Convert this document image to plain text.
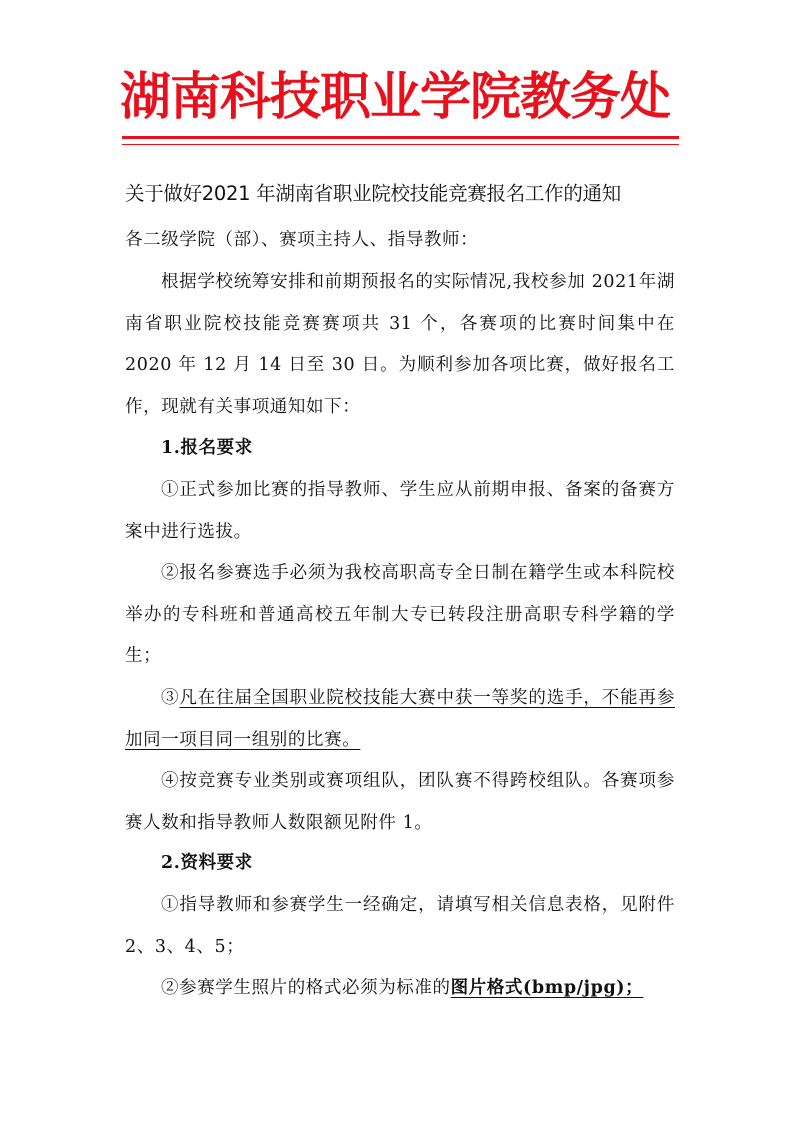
湖南科技职业学院教务处
关于做好2021 年湖南省职业院校技能竞赛报名工作的通知
各二级学院（部）、赛项主持人、指导教师：
根据学校统筹安排和前期预报名的实际情况,我校参加 2021年湖南省职业院校技能竞赛赛项共 31 个，各赛项的比赛时间集中在 2020 年 12 月 14 日至 30 日。为顺利参加各项比赛，做好报名工作，现就有关事项通知如下：
1.报名要求
①正式参加比赛的指导教师、学生应从前期申报、备案的备赛方案中进行选拔。
②报名参赛选手必须为我校高职高专全日制在籍学生或本科院校举办的专科班和普通高校五年制大专已转段注册高职专科学籍的学生；
③凡在往届全国职业院校技能大赛中获一等奖的选手，不能再参加同一项目同一组别的比赛。
④按竞赛专业类别或赛项组队，团队赛不得跨校组队。各赛项参赛人数和指导教师人数限额见附件 1。
2.资料要求
①指导教师和参赛学生一经确定，请填写相关信息表格，见附件 2、3、4、5；
②参赛学生照片的格式必须为标准的图片格式(bmp/jpg)；
